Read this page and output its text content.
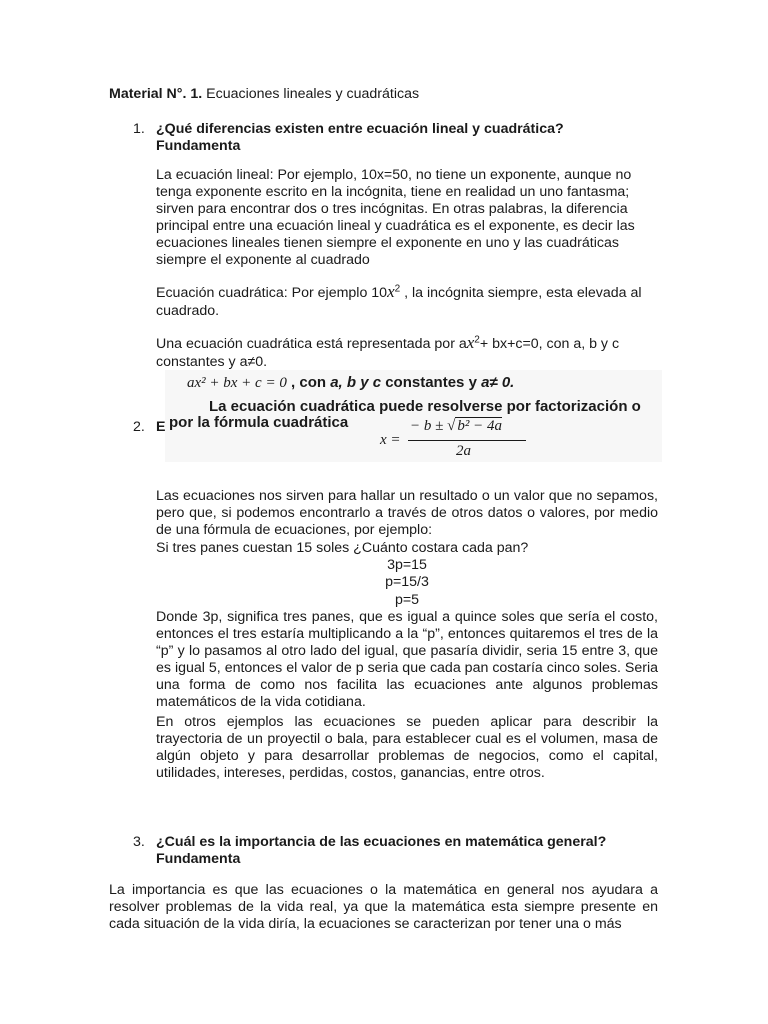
Material N°. 1. Ecuaciones lineales y cuadráticas
1. ¿Qué diferencias existen entre ecuación lineal y cuadrática?
Fundamenta
La ecuación lineal: Por ejemplo, 10x=50, no tiene un exponente, aunque no tenga exponente escrito en la incógnita, tiene en realidad un uno fantasma; sirven para encontrar dos o tres incógnitas. En otras palabras, la diferencia principal entre una ecuación lineal y cuadrática es el exponente, es decir las ecuaciones lineales tienen siempre el exponente en uno y las cuadráticas siempre el exponente al cuadrado
Ecuación cuadrática: Por ejemplo $10x^2$ , la incógnita siempre, esta elevada al cuadrado.
Una ecuación cuadrática está representada por $ax^2+ bx+c=0$, con a, b y c constantes y a≠0.
2. E
ax² + bx + c = 0 , con a, b y c constantes y a≠ 0.
La ecuación cuadrática puede resolverse por factorización o
por la fórmula cuadrática
x =
− b ± √ b² − 4a
2a
Las ecuaciones nos sirven para hallar un resultado o un valor que no sepamos, pero que, si podemos encontrarlo a través de otros datos o valores, por medio de una fórmula de ecuaciones, por ejemplo:
Si tres panes cuestan 15 soles ¿Cuánto costara cada pan?
3p=15
p=15/3
p=5
Donde 3p, significa tres panes, que es igual a quince soles que sería el costo, entonces el tres estaría multiplicando a la “p”, entonces quitaremos el tres de la “p” y lo pasamos al otro lado del igual, que pasaría dividir, seria 15 entre 3, que es igual 5, entonces el valor de p seria que cada pan costaría cinco soles. Seria una forma de como nos facilita las ecuaciones ante algunos problemas matemáticos de la vida cotidiana.
En otros ejemplos las ecuaciones se pueden aplicar para describir la trayectoria de un proyectil o bala, para establecer cual es el volumen, masa de algún objeto y para desarrollar problemas de negocios, como el capital, utilidades, intereses, perdidas, costos, ganancias, entre otros.
3. ¿Cuál es la importancia de las ecuaciones en matemática general?
Fundamenta
La importancia es que las ecuaciones o la matemática en general nos ayudara a resolver problemas de la vida real, ya que la matemática esta siempre presente en cada situación de la vida diría, la ecuaciones se caracterizan por tener una o más
